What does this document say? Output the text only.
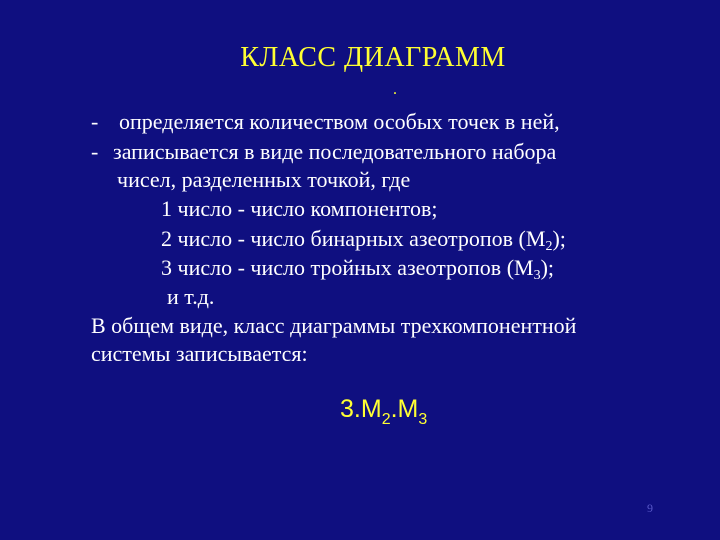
КЛАСС ДИАГРАММ
.
- определяется количеством особых точек в ней,
- записывается в виде последовательного набора
чисел, разделенных точкой, где
1 число - число компонентов;
2 число - число бинарных азеотропов $(M_2)$;
3 число - число тройных азеотропов $(M_3)$;
и т.д.
В общем виде, класс диаграммы трехкомпонентной
системы записывается:
$3.M_2.M_3$
9
